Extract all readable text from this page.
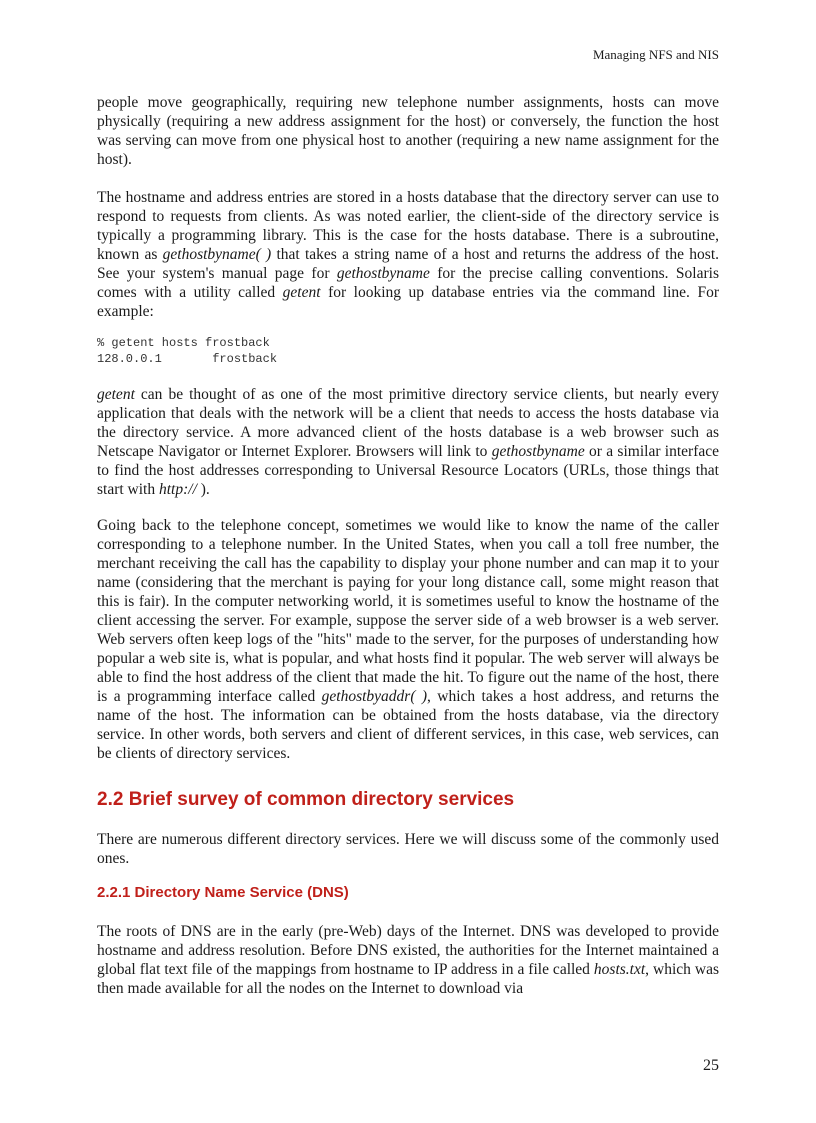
Managing NFS and NIS

people move geographically, requiring new telephone number assignments, hosts can move physically (requiring a new address assignment for the host) or conversely, the function the host was serving can move from one physical host to another (requiring a new name assignment for the host).

The hostname and address entries are stored in a hosts database that the directory server can use to respond to requests from clients. As was noted earlier, the client-side of the directory service is typically a programming library. This is the case for the hosts database. There is a subroutine, known as gethostbyname( ) that takes a string name of a host and returns the address of the host. See your system's manual page for gethostbyname for the precise calling conventions. Solaris comes with a utility called getent for looking up database entries via the command line. For example:

% getent hosts frostback
128.0.0.1       frostback

getent can be thought of as one of the most primitive directory service clients, but nearly every application that deals with the network will be a client that needs to access the hosts database via the directory service. A more advanced client of the hosts database is a web browser such as Netscape Navigator or Internet Explorer. Browsers will link to gethostbyname or a similar interface to find the host addresses corresponding to Universal Resource Locators (URLs, those things that start with http:// ).

Going back to the telephone concept, sometimes we would like to know the name of the caller corresponding to a telephone number. In the United States, when you call a toll free number, the merchant receiving the call has the capability to display your phone number and can map it to your name (considering that the merchant is paying for your long distance call, some might reason that this is fair). In the computer networking world, it is sometimes useful to know the hostname of the client accessing the server. For example, suppose the server side of a web browser is a web server. Web servers often keep logs of the "hits" made to the server, for the purposes of understanding how popular a web site is, what is popular, and what hosts find it popular. The web server will always be able to find the host address of the client that made the hit. To figure out the name of the host, there is a programming interface called gethostbyaddr( ), which takes a host address, and returns the name of the host. The information can be obtained from the hosts database, via the directory service. In other words, both servers and client of different services, in this case, web services, can be clients of directory services.

2.2 Brief survey of common directory services

There are numerous different directory services. Here we will discuss some of the commonly used ones.

2.2.1 Directory Name Service (DNS)

The roots of DNS are in the early (pre-Web) days of the Internet. DNS was developed to provide hostname and address resolution. Before DNS existed, the authorities for the Internet maintained a global flat text file of the mappings from hostname to IP address in a file called hosts.txt, which was then made available for all the nodes on the Internet to download via

25
